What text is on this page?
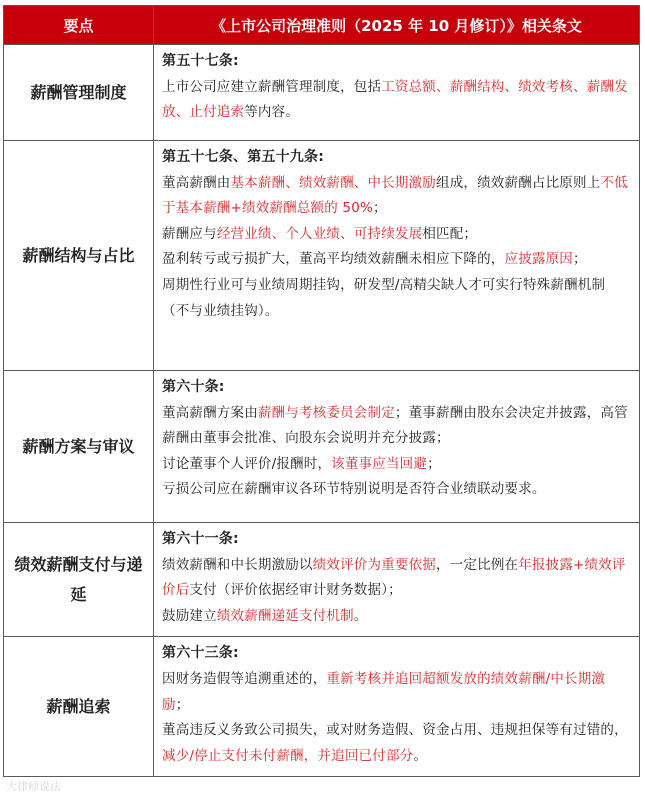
要点	《上市公司治理准则（2025 年 10 月修订）》相关条文
薪酬管理制度	第五十七条:
上市公司应建立薪酬管理制度，包括工资总额、薪酬结构、绩效考核、薪酬发放、止付追索等内容。

薪酬结构与占比	第五十七条、第五十九条:
董高薪酬由基本薪酬、绩效薪酬、中长期激励组成，绩效薪酬占比原则上不低于基本薪酬+绩效薪酬总额的 50%；
薪酬应与经营业绩、个人业绩、可持续发展相匹配；
盈利转亏或亏损扩大，董高平均绩效薪酬未相应下降的，应披露原因；
周期性行业可与业绩周期挂钩，研发型/高精尖缺人才可实行特殊薪酬机制（不与业绩挂钩）。

薪酬方案与审议	第六十条:
董高薪酬方案由薪酬与考核委员会制定；董事薪酬由股东会决定并披露，高管薪酬由董事会批准、向股东会说明并充分披露；
讨论董事个人评价/报酬时，该董事应当回避；
亏损公司应在薪酬审议各环节特别说明是否符合业绩联动要求。

绩效薪酬支付与递延	第六十一条:
绩效薪酬和中长期激励以绩效评价为重要依据，一定比例在年报披露+绩效评价后支付（评价依据经审计财务数据）；
鼓励建立绩效薪酬递延支付机制。

薪酬追索	第六十三条:
因财务造假等追溯重述的，重新考核并追回超额发放的绩效薪酬/中长期激励；
董高违反义务致公司损失，或对财务造假、资金占用、违规担保等有过错的，减少/停止支付未付薪酬，并追回已付部分。
大律师说法
